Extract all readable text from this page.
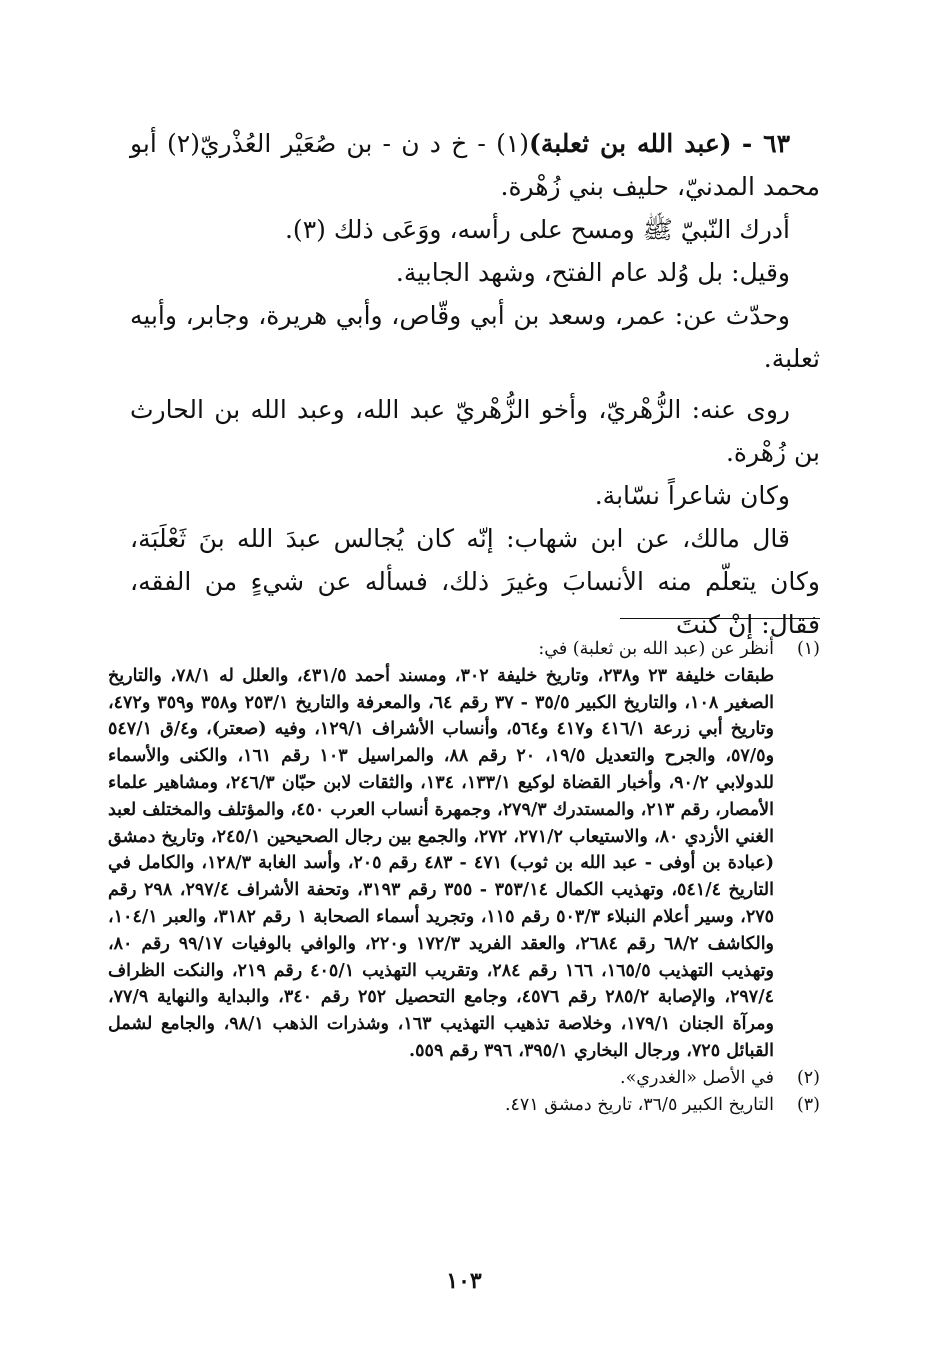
٦٣ - (عبد الله بن ثعلبة)(١) - خ د ن - بن صُعَيْر العُذْريّ(٢) أبو محمد المدنيّ، حليف بني زُهْرة.

أدرك النّبيّ ﷺ ومسح على رأسه، ووَعَى ذلك (٣).

وقيل: بل وُلد عام الفتح، وشهد الجابية.

وحدّث عن: عمر، وسعد بن أبي وقّاص، وأبي هريرة، وجابر، وأبيه ثعلبة.

روى عنه: الزُّهْريّ، وأخو الزُّهْريّ عبد الله، وعبد الله بن الحارث بن زُهْرة.

وكان شاعراً نسّابة.

قال مالك، عن ابن شهاب: إنّه كان يُجالس عبدَ الله بنَ ثَعْلَبَة، وكان يتعلّم منه الأنسابَ وغيرَ ذلك، فسأله عن شيءٍ من الفقه، فقال: إنْ كنتَ

(١)
أنظر عن (عبد الله بن ثعلبة) في:
طبقات خليفة ٢٣ و٢٣٨، وتاريخ خليفة ٣٠٢، ومسند أحمد ٤٣١/٥، والعلل له ٧٨/١، والتاريخ الصغير ١٠٨، والتاريخ الكبير ٣٥/٥ - ٣٧ رقم ٦٤، والمعرفة والتاريخ ٢٥٣/١ و٣٥٨ و٣٥٩ و٤٧٢، وتاريخ أبي زرعة ٤١٦/١ و٤١٧ و٥٦٤، وأنساب الأشراف ١٢٩/١، وفيه (صعتر)، و٤/ق ٥٤٧/١ و٥٧/٥، والجرح والتعديل ١٩/٥، ٢٠ رقم ٨٨، والمراسيل ١٠٣ رقم ١٦١، والكنى والأسماء للدولابي ٩٠/٢، وأخبار القضاة لوكيع ١٣٣/١، ١٣٤، والثقات لابن حبّان ٢٤٦/٣، ومشاهير علماء الأمصار، رقم ٢١٣، والمستدرك ٢٧٩/٣، وجمهرة أنساب العرب ٤٥٠، والمؤتلف والمختلف لعبد الغني الأزدي ٨٠، والاستيعاب ٢٧١/٢، ٢٧٢، والجمع بين رجال الصحيحين ٢٤٥/١، وتاريخ دمشق (عبادة بن أوفى - عبد الله بن ثوب) ٤٧١ - ٤٨٣ رقم ٢٠٥، وأسد الغابة ١٢٨/٣، والكامل في التاريخ ٥٤١/٤، وتهذيب الكمال ٣٥٣/١٤ - ٣٥٥ رقم ٣١٩٣، وتحفة الأشراف ٢٩٧/٤، ٢٩٨ رقم ٢٧٥، وسير أعلام النبلاء ٥٠٣/٣ رقم ١١٥، وتجريد أسماء الصحابة ١ رقم ٣١٨٢، والعبر ١٠٤/١، والكاشف ٦٨/٢ رقم ٢٦٨٤، والعقد الفريد ١٧٢/٣ و٢٢٠، والوافي بالوفيات ٩٩/١٧ رقم ٨٠، وتهذيب التهذيب ١٦٥/٥، ١٦٦ رقم ٢٨٤، وتقريب التهذيب ٤٠٥/١ رقم ٢١٩، والنكت الظراف ٢٩٧/٤، والإصابة ٢٨٥/٢ رقم ٤٥٧٦، وجامع التحصيل ٢٥٢ رقم ٣٤٠، والبداية والنهاية ٧٧/٩، ومرآة الجنان ١٧٩/١، وخلاصة تذهيب التهذيب ١٦٣، وشذرات الذهب ٩٨/١، والجامع لشمل القبائل ٧٢٥، ورجال البخاري ٣٩٥/١، ٣٩٦ رقم ٥٥٩.
(٢)
في الأصل «الغدري».
(٣)
التاريخ الكبير ٣٦/٥، تاريخ دمشق ٤٧١.
١٠٣
